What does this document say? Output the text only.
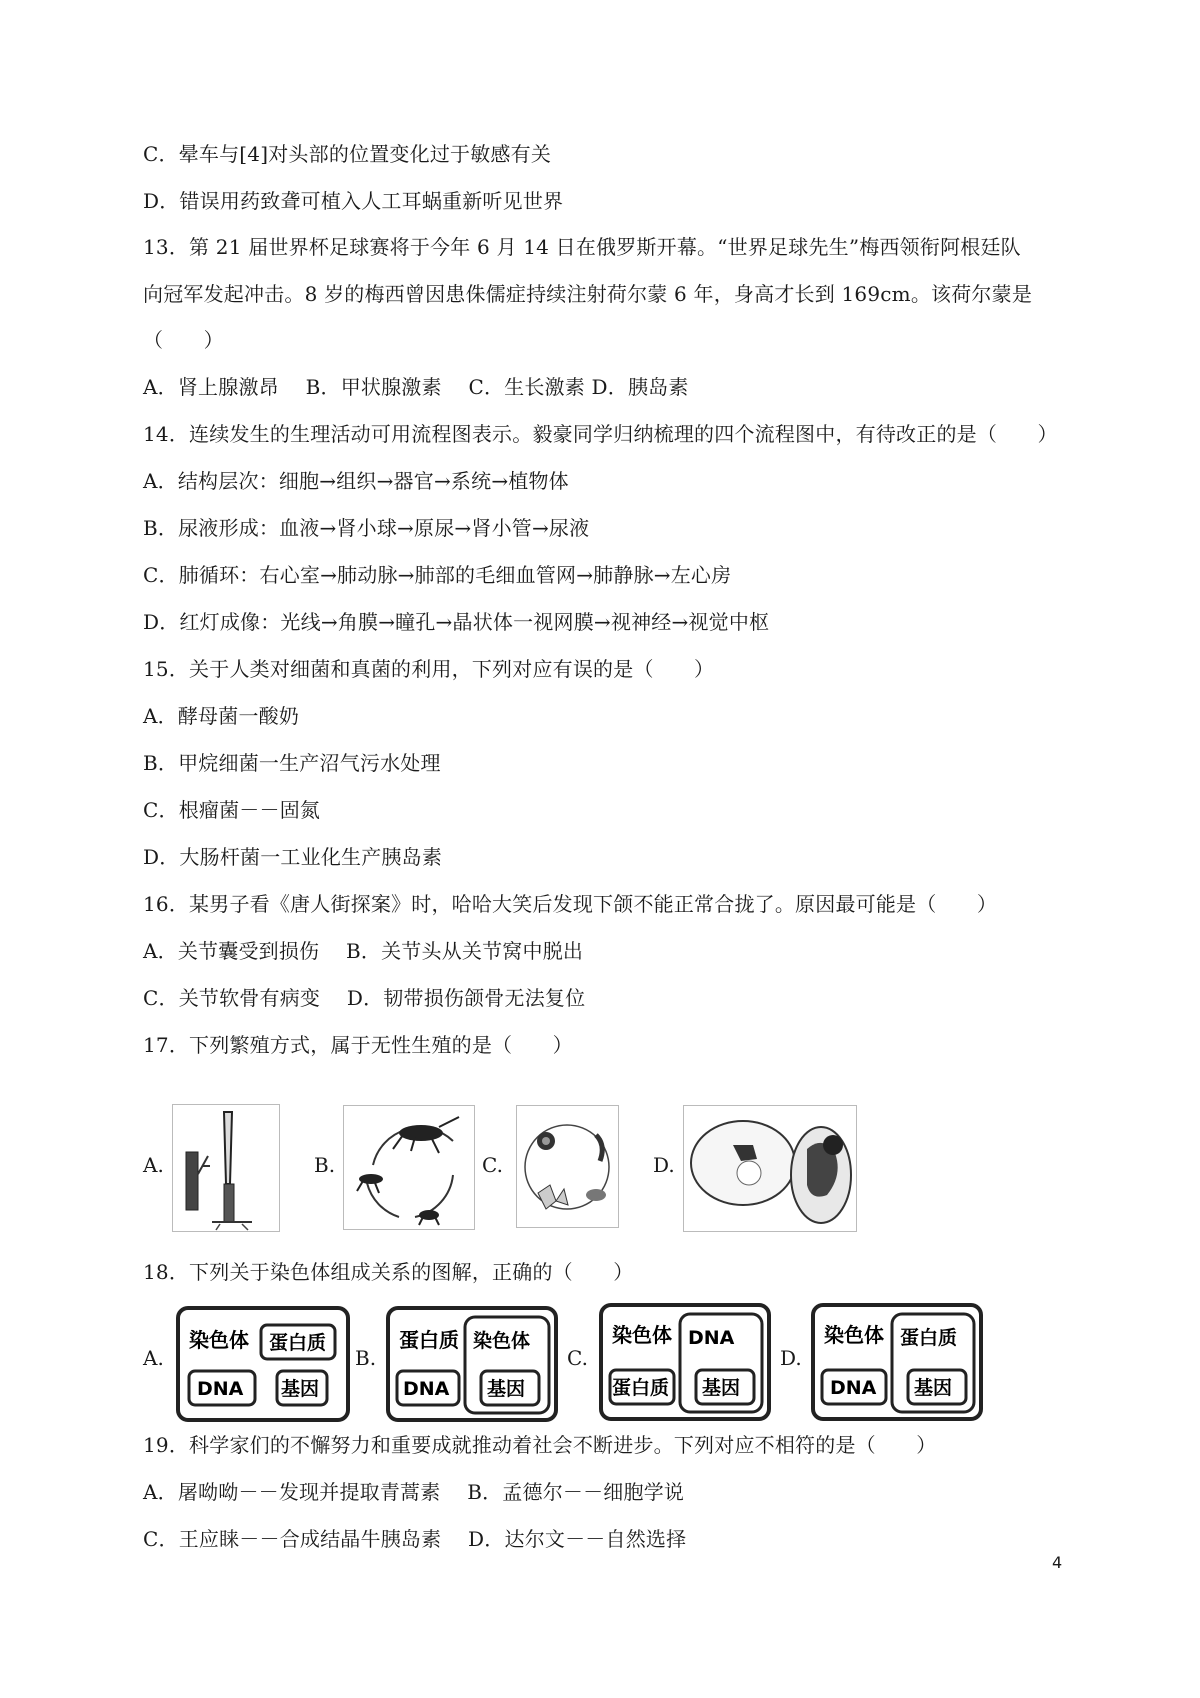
C．晕车与[4]对头部的位置变化过于敏感有关
D．错误用药致聋可植入人工耳蜗重新听见世界
13．第 21 届世界杯足球赛将于今年 6 月 14 日在俄罗斯开幕。“世界足球先生”梅西领衔阿根廷队
向冠军发起冲击。8 岁的梅西曾因患侏儒症持续注射荷尔蒙 6 年，身高才长到 169cm。该荷尔蒙是
（　　）
A．肾上腺激昂　 B．甲状腺激素　 C．生长激素 D．胰岛素
14．连续发生的生理活动可用流程图表示。毅豪同学归纳梳理的四个流程图中，有待改正的是（　　）
A．结构层次：细胞→组织→器官→系统→植物体
B．尿液形成：血液→肾小球→原尿→肾小管→尿液
C．肺循环：右心室→肺动脉→肺部的毛细血管网→肺静脉→左心房
D．红灯成像：光线→角膜→瞳孔→晶状体一视网膜→视神经→视觉中枢
15．关于人类对细菌和真菌的利用，下列对应有误的是（　　）
A．酵母菌一酸奶
B．甲烷细菌一生产沼气污水处理
C．根瘤菌－－固氮
D．大肠杆菌一工业化生产胰岛素
16．某男子看《唐人街探案》时，哈哈大笑后发现下颌不能正常合拢了。原因最可能是（　　）
A．关节囊受到损伤　 B．关节头从关节窝中脱出
C．关节软骨有病变　 D．韧带损伤颌骨无法复位
17．下列繁殖方式，属于无性生殖的是（　　）
A.	B.	C.	D.
18．下列关于染色体组成关系的图解，正确的（　　）
A.	B.	C.	D.
染色体 蛋白质
DNA 基因
蛋白质 染色体
DNA 基因
染色体 DNA
蛋白质 基因
染色体 蛋白质
DNA 基因
19．科学家们的不懈努力和重要成就推动着社会不断进步。下列对应不相符的是（　　）
A．屠呦呦－－发现并提取青蒿素　 B．孟德尔－－细胞学说
C．王应睐－－合成结晶牛胰岛素　 D．达尔文－－自然选择
4
